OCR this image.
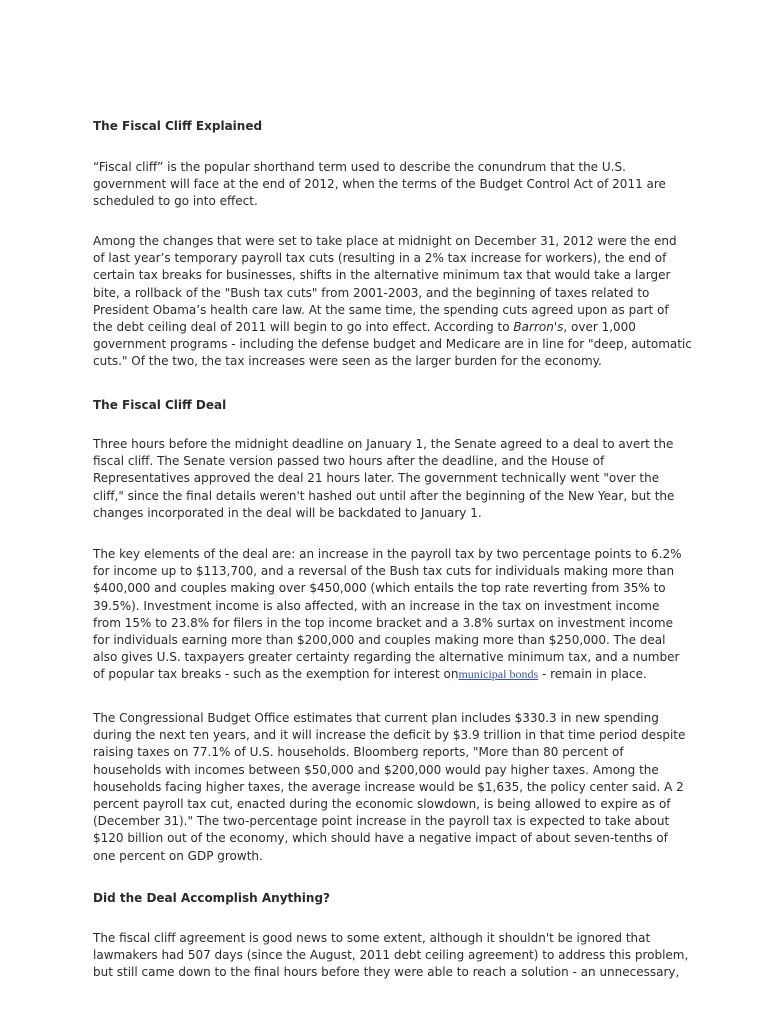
The Fiscal Cliff Explained

“Fiscal cliff” is the popular shorthand term used to describe the conundrum that the U.S.
government will face at the end of 2012, when the terms of the Budget Control Act of 2011 are
scheduled to go into effect.

Among the changes that were set to take place at midnight on December 31, 2012 were the end
of last year’s temporary payroll tax cuts (resulting in a 2% tax increase for workers), the end of
certain tax breaks for businesses, shifts in the alternative minimum tax that would take a larger
bite, a rollback of the "Bush tax cuts" from 2001-2003, and the beginning of taxes related to
President Obama’s health care law. At the same time, the spending cuts agreed upon as part of
the debt ceiling deal of 2011 will begin to go into effect. According to Barron's, over 1,000
government programs - including the defense budget and Medicare are in line for "deep, automatic
cuts." Of the two, the tax increases were seen as the larger burden for the economy.

The Fiscal Cliff Deal

Three hours before the midnight deadline on January 1, the Senate agreed to a deal to avert the
fiscal cliff. The Senate version passed two hours after the deadline, and the House of
Representatives approved the deal 21 hours later. The government technically went "over the
cliff," since the final details weren't hashed out until after the beginning of the New Year, but the
changes incorporated in the deal will be backdated to January 1.

The key elements of the deal are: an increase in the payroll tax by two percentage points to 6.2%
for income up to $113,700, and a reversal of the Bush tax cuts for individuals making more than
$400,000 and couples making over $450,000 (which entails the top rate reverting from 35% to
39.5%). Investment income is also affected, with an increase in the tax on investment income
from 15% to 23.8% for filers in the top income bracket and a 3.8% surtax on investment income
for individuals earning more than $200,000 and couples making more than $250,000. The deal
also gives U.S. taxpayers greater certainty regarding the alternative minimum tax, and a number
of popular tax breaks - such as the exemption for interest onmunicipal bonds - remain in place.

The Congressional Budget Office estimates that current plan includes $330.3 in new spending
during the next ten years, and it will increase the deficit by $3.9 trillion in that time period despite
raising taxes on 77.1% of U.S. households. Bloomberg reports, "More than 80 percent of
households with incomes between $50,000 and $200,000 would pay higher taxes. Among the
households facing higher taxes, the average increase would be $1,635, the policy center said. A 2
percent payroll tax cut, enacted during the economic slowdown, is being allowed to expire as of
(December 31)." The two-percentage point increase in the payroll tax is expected to take about
$120 billion out of the economy, which should have a negative impact of about seven-tenths of
one percent on GDP growth.

Did the Deal Accomplish Anything?

The fiscal cliff agreement is good news to some extent, although it shouldn't be ignored that
lawmakers had 507 days (since the August, 2011 debt ceiling agreement) to address this problem,
but still came down to the final hours before they were able to reach a solution - an unnecessary,
